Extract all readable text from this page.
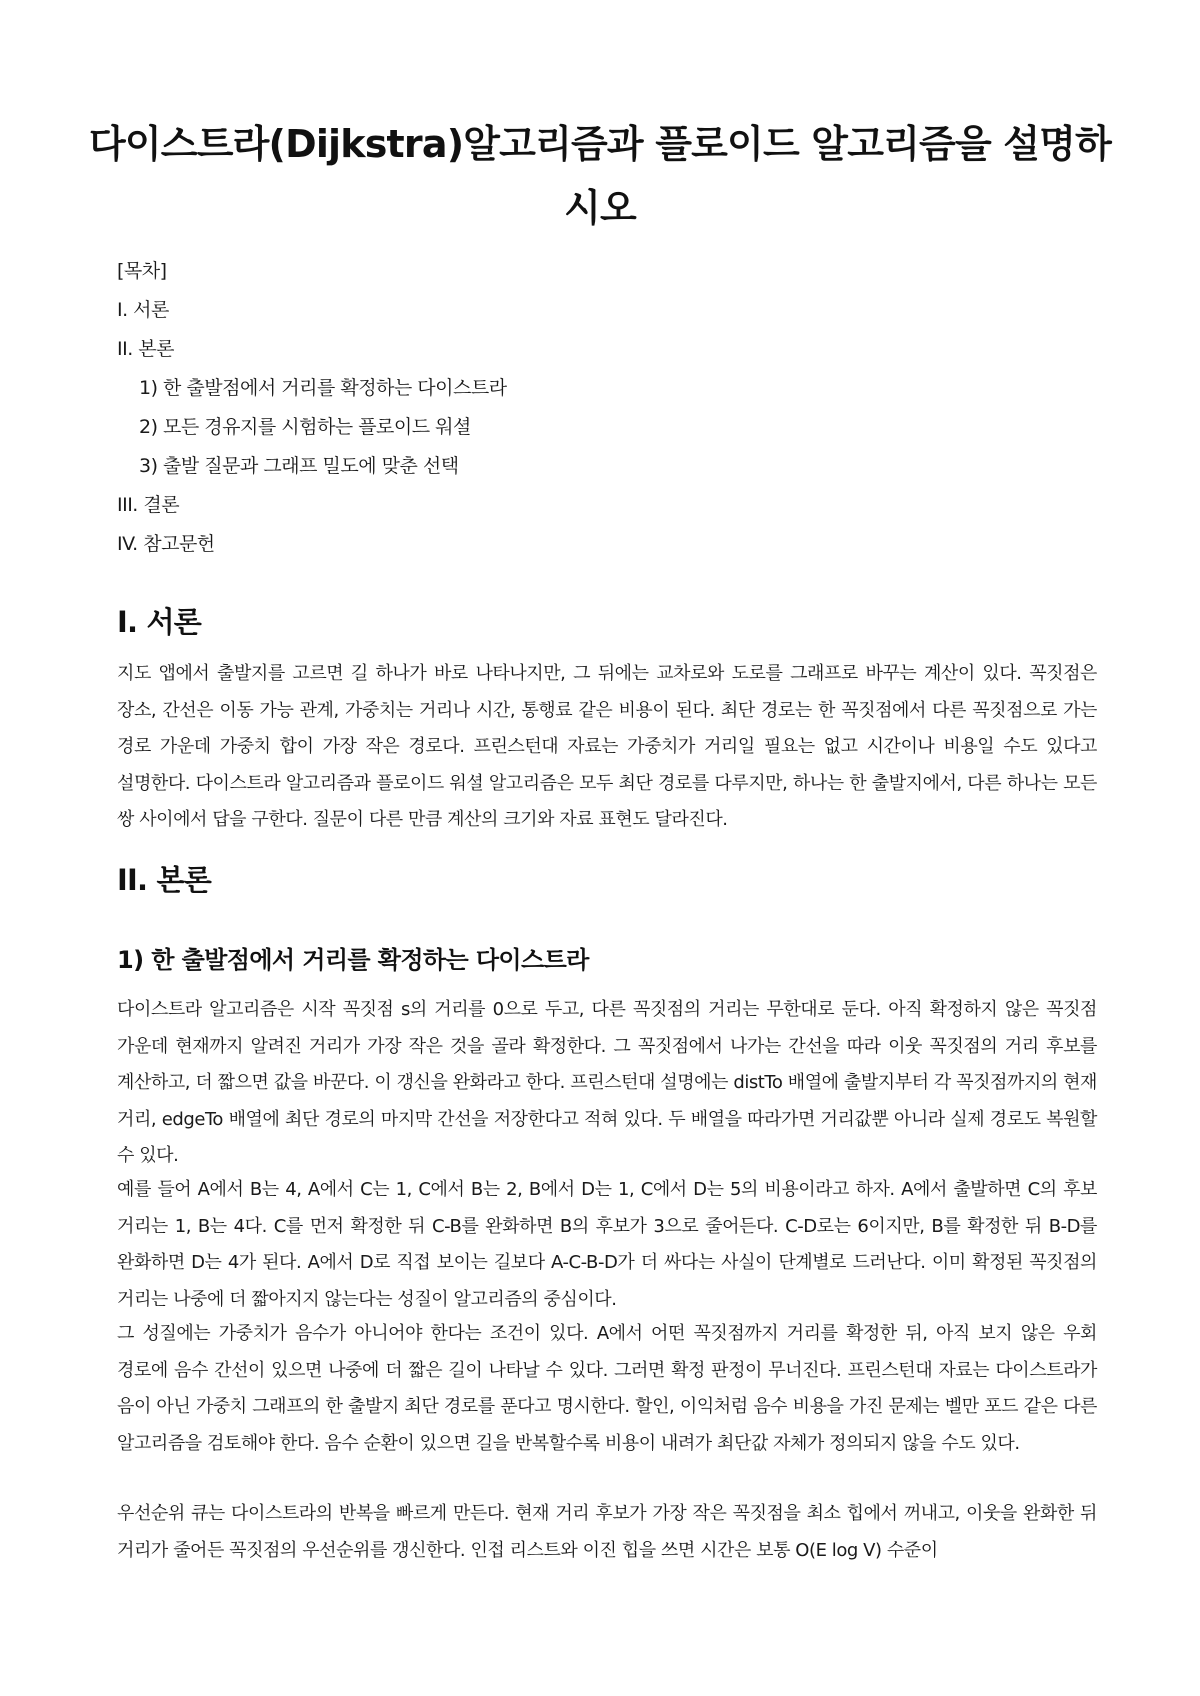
다이스트라(Dijkstra)알고리즘과 플로이드 알고리즘을 설명하시오
[목차]
I. 서론
II. 본론
1) 한 출발점에서 거리를 확정하는 다이스트라
2) 모든 경유지를 시험하는 플로이드 워셜
3) 출발 질문과 그래프 밀도에 맞춘 선택
III. 결론
IV. 참고문헌
I. 서론

지도 앱에서 출발지를 고르면 길 하나가 바로 나타나지만, 그 뒤에는 교차로와 도로를 그래프로 바꾸는 계산이 있다. 꼭짓점은 장소, 간선은 이동 가능 관계, 가중치는 거리나 시간, 통행료 같은 비용이 된다. 최단 경로는 한 꼭짓점에서 다른 꼭짓점으로 가는 경로 가운데 가중치 합이 가장 작은 경로다. 프린스턴대 자료는 가중치가 거리일 필요는 없고 시간이나 비용일 수도 있다고 설명한다. 다이스트라 알고리즘과 플로이드 워셜 알고리즘은 모두 최단 경로를 다루지만, 하나는 한 출발지에서, 다른 하나는 모든 쌍 사이에서 답을 구한다. 질문이 다른 만큼 계산의 크기와 자료 표현도 달라진다.

II. 본론
1) 한 출발점에서 거리를 확정하는 다이스트라

다이스트라 알고리즘은 시작 꼭짓점 s의 거리를 0으로 두고, 다른 꼭짓점의 거리는 무한대로 둔다. 아직 확정하지 않은 꼭짓점 가운데 현재까지 알려진 거리가 가장 작은 것을 골라 확정한다. 그 꼭짓점에서 나가는 간선을 따라 이웃 꼭짓점의 거리 후보를 계산하고, 더 짧으면 값을 바꾼다. 이 갱신을 완화라고 한다. 프린스턴대 설명에는 distTo 배열에 출발지부터 각 꼭짓점까지의 현재 거리, edgeTo 배열에 최단 경로의 마지막 간선을 저장한다고 적혀 있다. 두 배열을 따라가면 거리값뿐 아니라 실제 경로도 복원할 수 있다.

예를 들어 A에서 B는 4, A에서 C는 1, C에서 B는 2, B에서 D는 1, C에서 D는 5의 비용이라고 하자. A에서 출발하면 C의 후보 거리는 1, B는 4다. C를 먼저 확정한 뒤 C-B를 완화하면 B의 후보가 3으로 줄어든다. C-D로는 6이지만, B를 확정한 뒤 B-D를 완화하면 D는 4가 된다. A에서 D로 직접 보이는 길보다 A-C-B-D가 더 싸다는 사실이 단계별로 드러난다. 이미 확정된 꼭짓점의 거리는 나중에 더 짧아지지 않는다는 성질이 알고리즘의 중심이다.

그 성질에는 가중치가 음수가 아니어야 한다는 조건이 있다. A에서 어떤 꼭짓점까지 거리를 확정한 뒤, 아직 보지 않은 우회 경로에 음수 간선이 있으면 나중에 더 짧은 길이 나타날 수 있다. 그러면 확정 판정이 무너진다. 프린스턴대 자료는 다이스트라가 음이 아닌 가중치 그래프의 한 출발지 최단 경로를 푼다고 명시한다. 할인, 이익처럼 음수 비용을 가진 문제는 벨만 포드 같은 다른 알고리즘을 검토해야 한다. 음수 순환이 있으면 길을 반복할수록 비용이 내려가 최단값 자체가 정의되지 않을 수도 있다.

우선순위 큐는 다이스트라의 반복을 빠르게 만든다. 현재 거리 후보가 가장 작은 꼭짓점을 최소 힙에서 꺼내고, 이웃을 완화한 뒤 거리가 줄어든 꼭짓점의 우선순위를 갱신한다. 인접 리스트와 이진 힙을 쓰면 시간은 보통 O(E log V) 수준이
